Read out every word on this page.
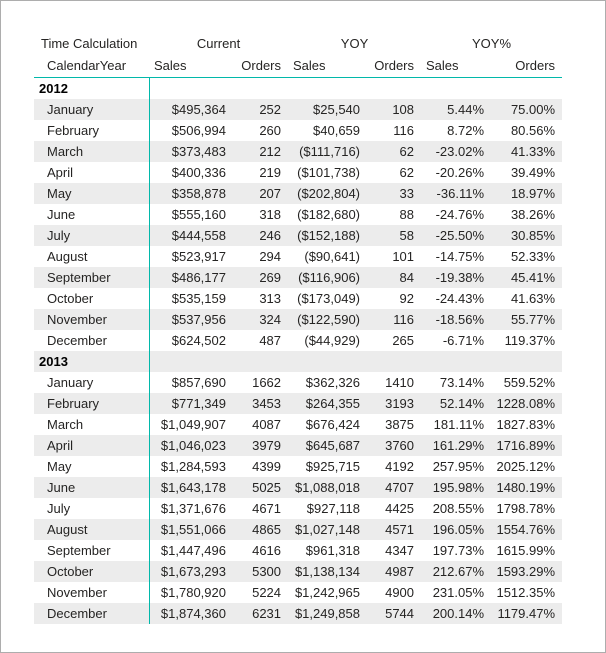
Time Calculation	Current		YOY		YOY%	
CalendarYear	Sales	Orders	Sales	Orders	Sales	Orders
2012						
January	$495,364	252	$25,540	108	5.44%	75.00%
February	$506,994	260	$40,659	116	8.72%	80.56%
March	$373,483	212	($111,716)	62	-23.02%	41.33%
April	$400,336	219	($101,738)	62	-20.26%	39.49%
May	$358,878	207	($202,804)	33	-36.11%	18.97%
June	$555,160	318	($182,680)	88	-24.76%	38.26%
July	$444,558	246	($152,188)	58	-25.50%	30.85%
August	$523,917	294	($90,641)	101	-14.75%	52.33%
September	$486,177	269	($116,906)	84	-19.38%	45.41%
October	$535,159	313	($173,049)	92	-24.43%	41.63%
November	$537,956	324	($122,590)	116	-18.56%	55.77%
December	$624,502	487	($44,929)	265	-6.71%	119.37%
2013						
January	$857,690	1662	$362,326	1410	73.14%	559.52%
February	$771,349	3453	$264,355	3193	52.14%	1228.08%
March	$1,049,907	4087	$676,424	3875	181.11%	1827.83%
April	$1,046,023	3979	$645,687	3760	161.29%	1716.89%
May	$1,284,593	4399	$925,715	4192	257.95%	2025.12%
June	$1,643,178	5025	$1,088,018	4707	195.98%	1480.19%
July	$1,371,676	4671	$927,118	4425	208.55%	1798.78%
August	$1,551,066	4865	$1,027,148	4571	196.05%	1554.76%
September	$1,447,496	4616	$961,318	4347	197.73%	1615.99%
October	$1,673,293	5300	$1,138,134	4987	212.67%	1593.29%
November	$1,780,920	5224	$1,242,965	4900	231.05%	1512.35%
December	$1,874,360	6231	$1,249,858	5744	200.14%	1179.47%
